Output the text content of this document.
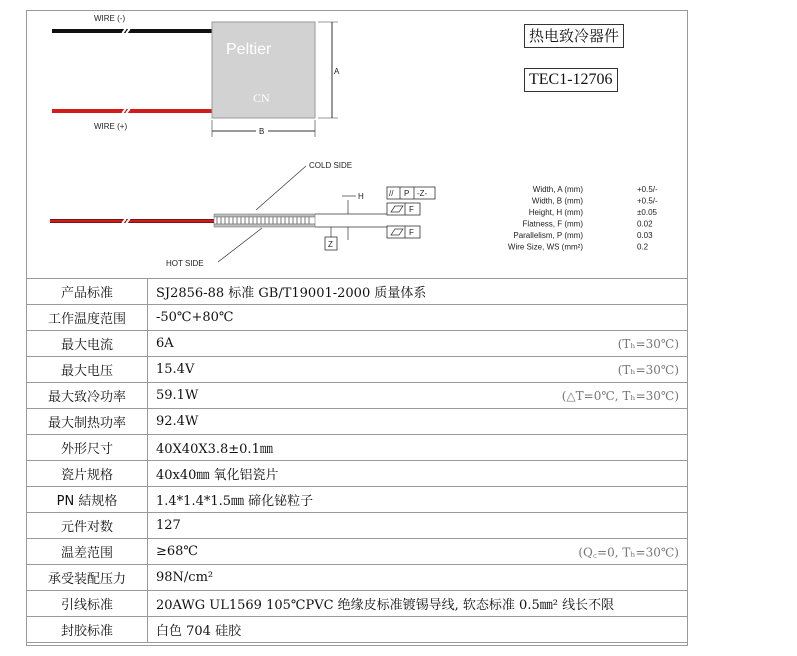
WIRE (-)
WIRE (+)
Peltier
CN
A
B
COLD SIDE
H	// P -Z-
F
F
Z
HOT SIDE
Width, A (mm)	+0.5/-
Width, B (mm)	+0.5/-
Height, H (mm)	±0.05
Flatness, F (mm)	0.02
Parallelism, P (mm)	0.03
Wire Size, WS (mm²)	0.2
热电致冷器件
TEC1-12706
产品标准	SJ2856-88 标准 GB/T19001-2000 质量体系
工作温度范围	-50℃+80℃
最大电流	6A (Tₕ=30℃)

最大电压	15.4V (Tₕ=30℃)

最大致冷功率	59.1W (△T=0℃, Tₕ=30℃)

最大制热功率	92.4W
外形尺寸	40X40X3.8±0.1㎜
瓷片规格	40x40㎜ 氧化铝瓷片
PN 結规格	1.4*1.4*1.5㎜ 碲化铋粒子
元件对数	127
温差范围	≥68℃ (Q꜀=0, Tₕ=30℃)

承受装配压力	98N/cm²
引线标准	20AWG UL1569 105℃PVC 绝缘皮标准镀锡导线, 软态标准 0.5㎜² 线长不限
封胶标准	白色 704 硅胶
